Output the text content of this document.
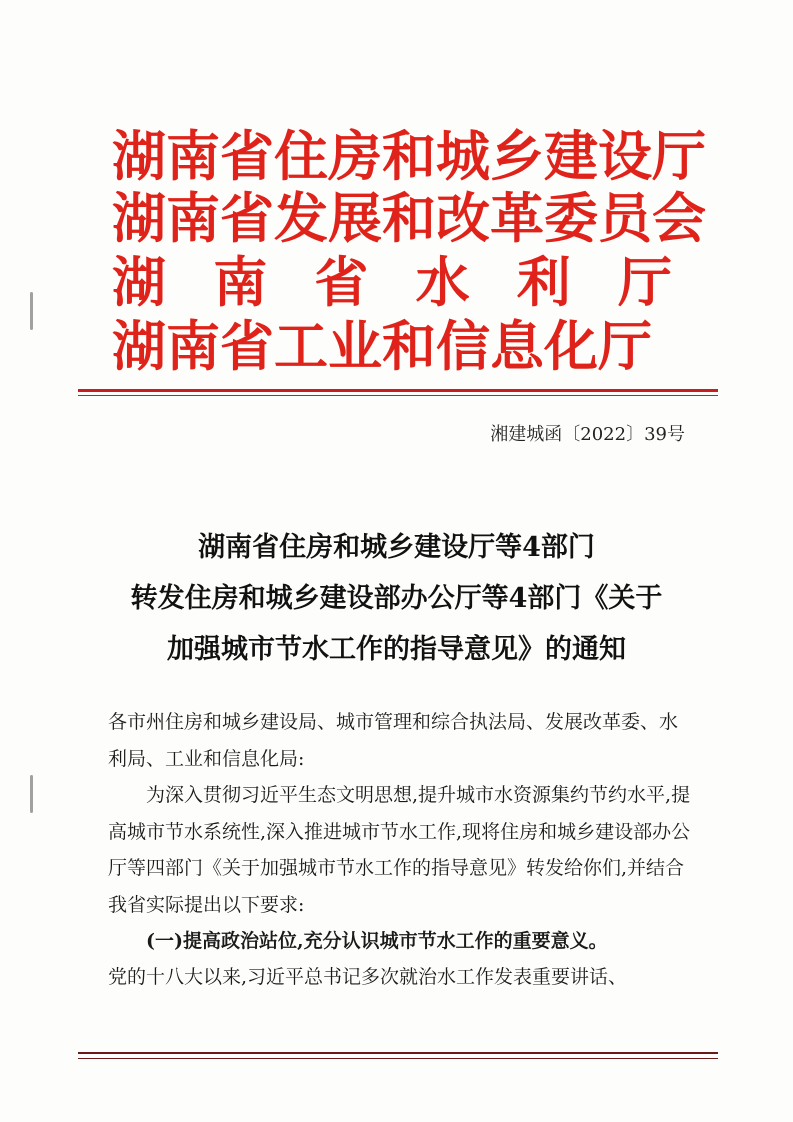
湖南省住房和城乡建设厅
湖南省发展和改革委员会
湖 南 省 水 利 厅
湖南省工业和信息化厅
湘建城函〔2022〕39号

湖南省住房和城乡建设厅等4部门

转发住房和城乡建设部办公厅等4部门《关于

加强城市节水工作的指导意见》的通知

各市州住房和城乡建设局、城市管理和综合执法局、发展改革委、水利局、工业和信息化局:

为深入贯彻习近平生态文明思想,提升城市水资源集约节约水平,提高城市节水系统性,深入推进城市节水工作,现将住房和城乡建设部办公厅等四部门《关于加强城市节水工作的指导意见》转发给你们,并结合我省实际提出以下要求:

(一)提高政治站位,充分认识城市节水工作的重要意义。

党的十八大以来,习近平总书记多次就治水工作发表重要讲话、
